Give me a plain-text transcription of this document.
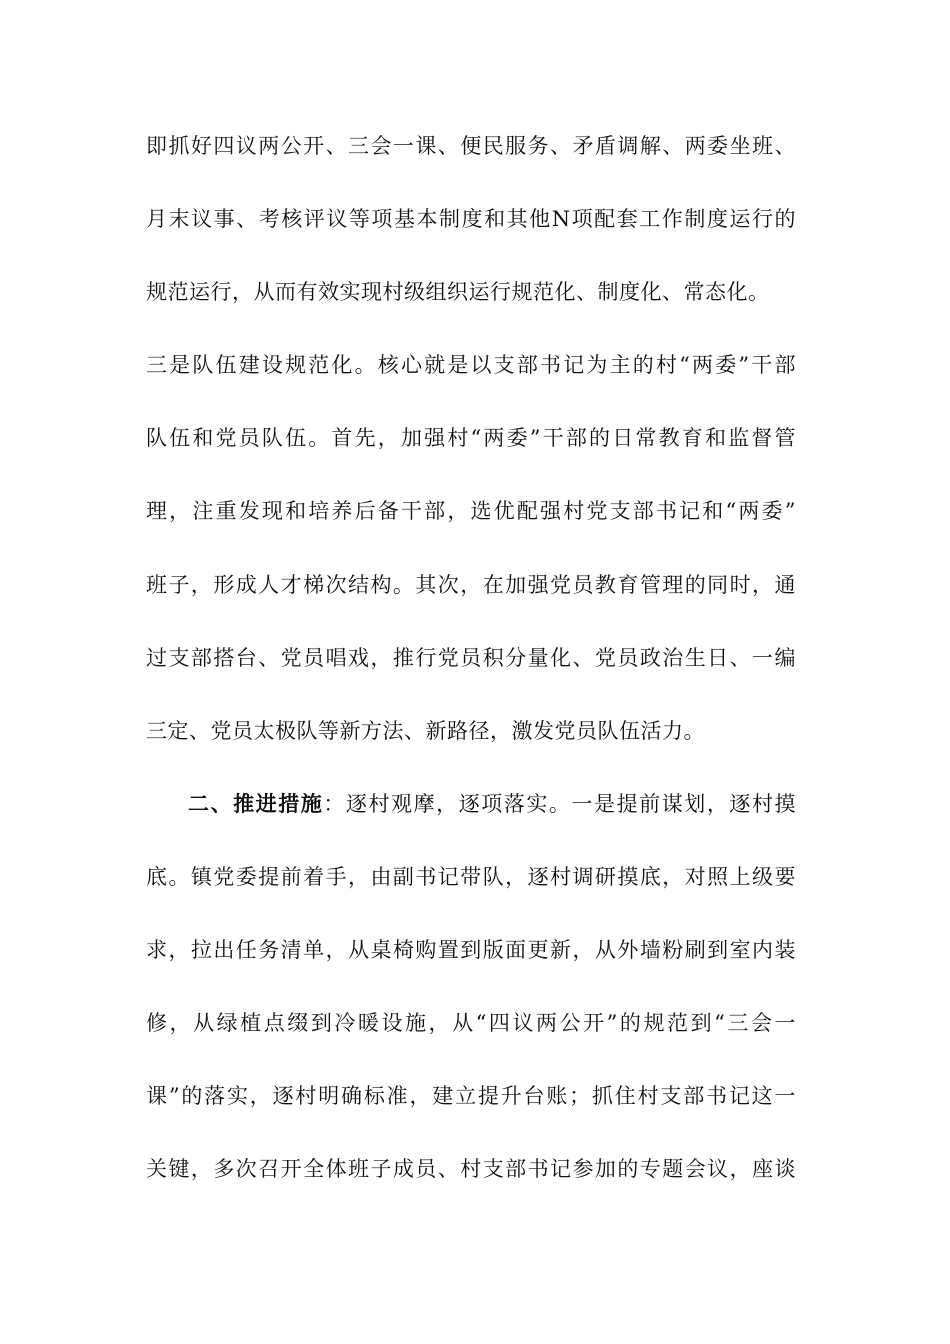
即抓好四议两公开、三会一课、便民服务、矛盾调解、两委坐班、
月末议事、考核评议等项基本制度和其他N项配套工作制度运行的
规范运行，从而有效实现村级组织运行规范化、制度化、常态化。
三是队伍建设规范化。核心就是以支部书记为主的村“两委”干部
队伍和党员队伍。首先，加强村“两委”干部的日常教育和监督管
理，注重发现和培养后备干部，选优配强村党支部书记和“两委”
班子，形成人才梯次结构。其次，在加强党员教育管理的同时，通
过支部搭台、党员唱戏，推行党员积分量化、党员政治生日、一编
三定、党员太极队等新方法、新路径，激发党员队伍活力。
二、推进措施：逐村观摩，逐项落实。一是提前谋划，逐村摸
底。镇党委提前着手，由副书记带队，逐村调研摸底，对照上级要
求，拉出任务清单，从桌椅购置到版面更新，从外墙粉刷到室内装
修，从绿植点缀到冷暖设施，从“四议两公开”的规范到“三会一
课”的落实，逐村明确标准，建立提升台账；抓住村支部书记这一
关键，多次召开全体班子成员、村支部书记参加的专题会议，座谈
